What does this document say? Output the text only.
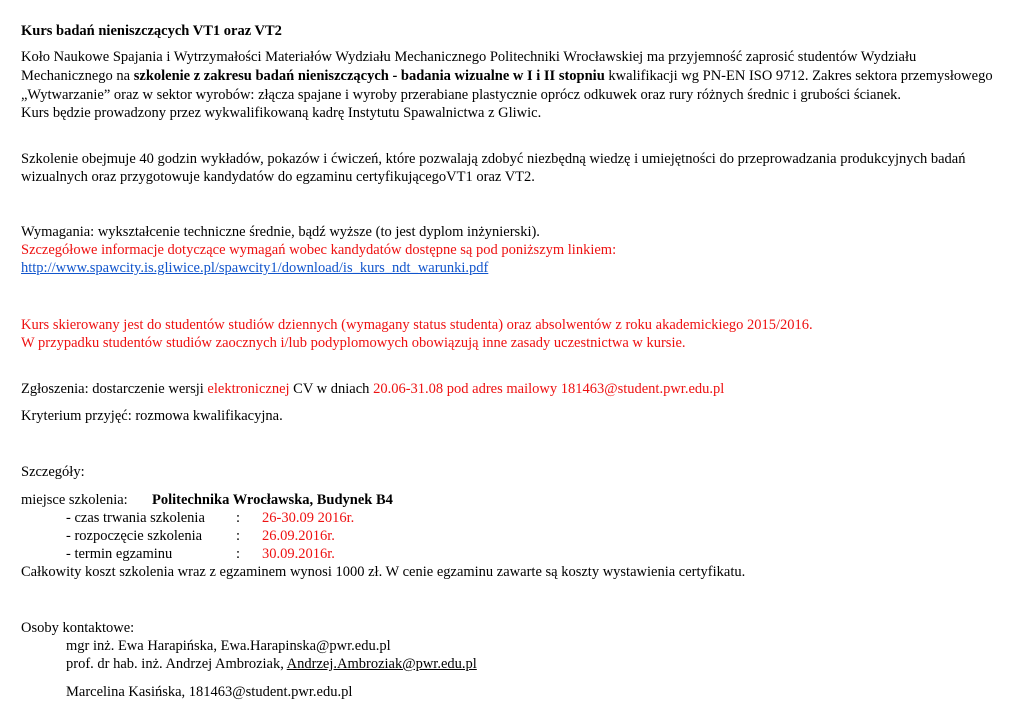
Kurs badań nieniszczących VT1 oraz VT2
Koło Naukowe Spajania i Wytrzymałości Materiałów Wydziału Mechanicznego Politechniki Wrocławskiej ma przyjemność zaprosić studentów Wydziału
Mechanicznego na szkolenie z zakresu badań nieniszczących - badania wizualne w I i II stopniu kwalifikacji wg PN-EN ISO 9712. Zakres sektora przemysłowego
„Wytwarzanie” oraz w sektor wyrobów: złącza spajane i wyroby przerabiane plastycznie oprócz odkuwek oraz rury różnych średnic i grubości ścianek.
Kurs będzie prowadzony przez wykwalifikowaną kadrę Instytutu Spawalnictwa z Gliwic.
Szkolenie obejmuje 40 godzin wykładów, pokazów i ćwiczeń, które pozwalają zdobyć niezbędną wiedzę i umiejętności do przeprowadzania produkcyjnych badań
wizualnych oraz przygotowuje kandydatów do egzaminu certyfikującegoVT1 oraz VT2.
Wymagania: wykształcenie techniczne średnie, bądź wyższe (to jest dyplom inżynierski).
Szczegółowe informacje dotyczące wymagań wobec kandydatów dostępne są pod poniższym linkiem:
http://www.spawcity.is.gliwice.pl/spawcity1/download/is_kurs_ndt_warunki.pdf
Kurs skierowany jest do studentów studiów dziennych (wymagany status studenta) oraz absolwentów z roku akademickiego 2015/2016.
W przypadku studentów studiów zaocznych i/lub podyplomowych obowiązują inne zasady uczestnictwa w kursie.
Zgłoszenia: dostarczenie wersji elektronicznej CV w dniach 20.06-31.08 pod adres mailowy 181463@student.pwr.edu.pl
Kryterium przyjęć: rozmowa kwalifikacyjna.
Szczegóły:
miejsce szkolenia: Politechnika Wrocławska, Budynek B4
- czas trwania szkolenia : 26-30.09 2016r.
- rozpoczęcie szkolenia : 26.09.2016r.
- termin egzaminu	: 30.09.2016r.
Całkowity koszt szkolenia wraz z egzaminem wynosi 1000 zł. W cenie egzaminu zawarte są koszty wystawienia certyfikatu.
Osoby kontaktowe:
mgr inż. Ewa Harapińska, Ewa.Harapinska@pwr.edu.pl
prof. dr hab. inż. Andrzej Ambroziak, Andrzej.Ambroziak@pwr.edu.pl
Marcelina Kasińska, 181463@student.pwr.edu.pl
